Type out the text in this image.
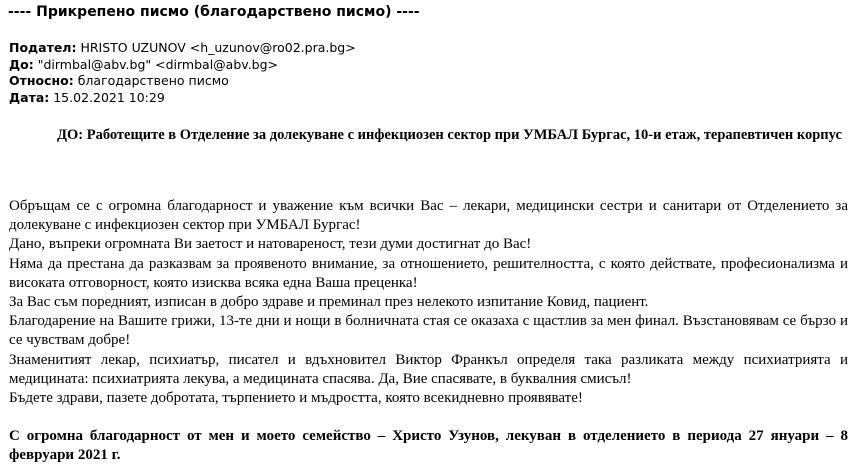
---- Прикрепено писмо (благодарствено писмо) ----
Подател: HRISTO UZUNOV <h_uzunov@ro02.pra.bg>
До: "dirmbal@abv.bg" <dirmbal@abv.bg>
Относно: благодарствено писмо
Дата: 15.02.2021 10:29
ДО: Работещите в Отделение за долекуване с инфекциозен сектор при УМБАЛ Бургас, 10-и етаж, терапевтичен корпус

Обръщам се с огромна благодарност и уважение към всички Вас – лекари, медицински сестри и санитари от Отделението за долекуване с инфекциозен сектор при УМБАЛ Бургас!

Дано, въпреки огромната Ви заетост и натовареност, тези думи достигнат до Вас!

Няма да престана да разказвам за проявеното внимание, за отношението, решителността, с която действате, професионализма и високата отговорност, която изисква всяка една Ваша преценка!

За Вас съм поредният, изписан в добро здраве и преминал през нелекото изпитание Ковид, пациент.

Благодарение на Вашите грижи, 13-те дни и нощи в болничната стая се оказаха с щастлив за мен финал. Възстановявам се бързо и се чувствам добре!

Знаменитият лекар, психиатър, писател и вдъхновител Виктор Франкъл определя така разликата между психиатрията и медицината: психиатрията лекува, а медицината спасява. Да, Вие спасявате, в буквалния смисъл!

Бъдете здрави, пазете добротата, търпението и мъдростта, която всекидневно проявявате!

С огромна благодарност от мен и моето семейство – Христо Узунов, лекуван в отделението в периода 27 януари – 8 февруари 2021 г.
